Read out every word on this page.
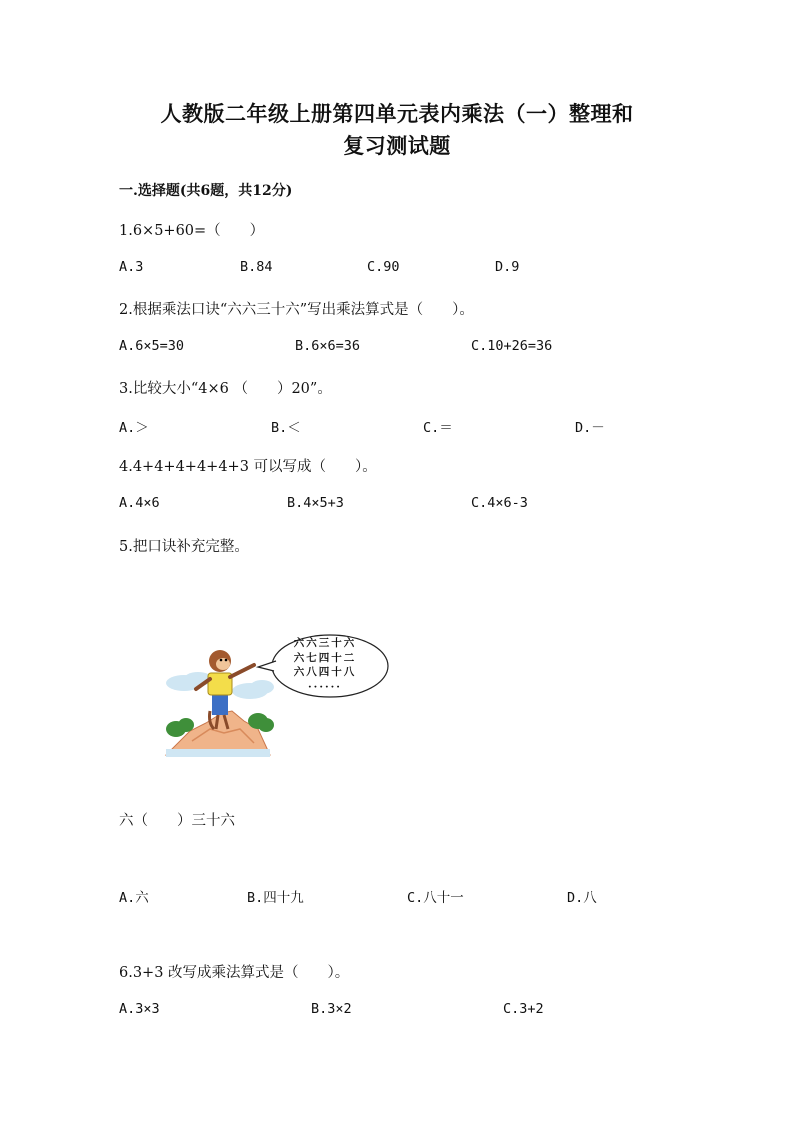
人教版二年级上册第四单元表内乘法（一）整理和
复习测试题
一.选择题(共6题，共12分)
1.6×5+60=（　　）
A.3	B.84	C.90	D.9
2.根据乘法口诀“六六三十六”写出乘法算式是（　　）。
A.6×5=30	B.6×6=36	C.10+26=36
3.比较大小“4×6 （　　）20”。
A.＞	B.＜	C.＝	D.－
4.4+4+4+4+4+3 可以写成（　　）。
A.4×6	B.4×5+3	C.4×6-3
5.把口诀补充完整。
六六三十六
六七四十二
六八四十八
······
六（　　）三十六
A.六	B.四十九	C.八十一	D.八
6.3+3 改写成乘法算式是（　　）。
A.3×3	B.3×2	C.3+2
